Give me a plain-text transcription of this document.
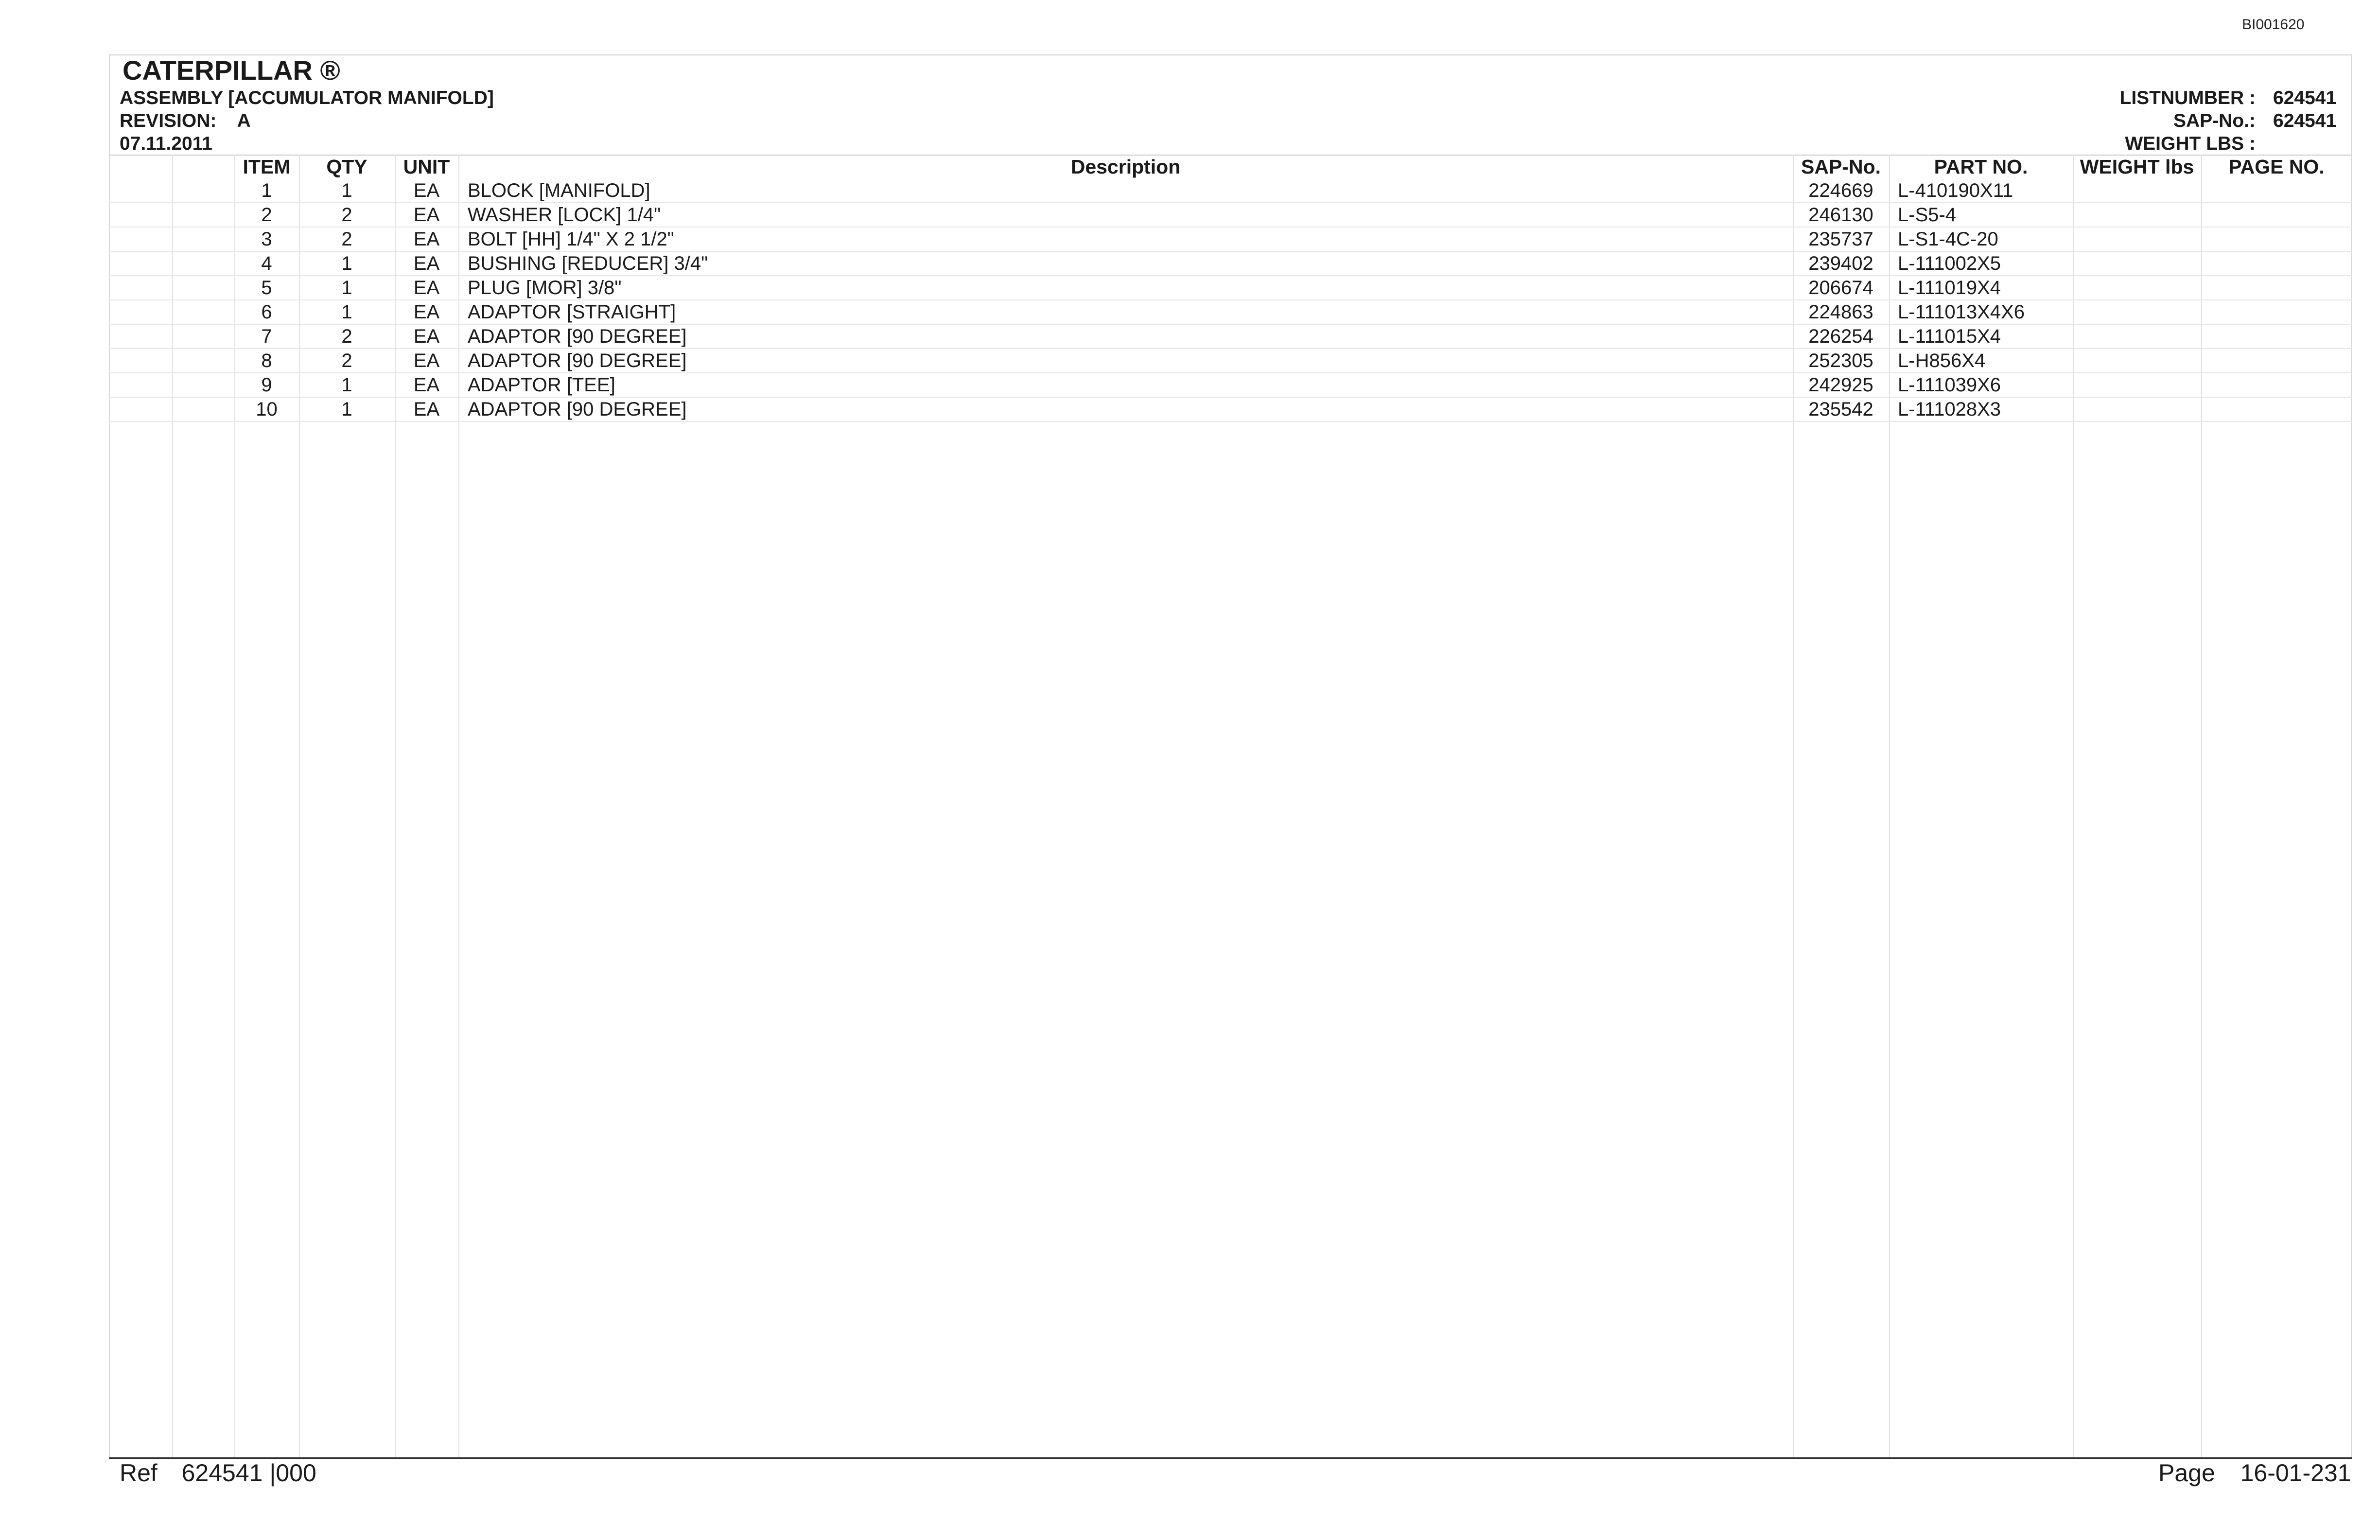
BI001620
CATERPILLAR ®
ASSEMBLY [ACCUMULATOR MANIFOLD]
REVISION: A
07.11.2011
LISTNUMBER : 624541
SAP-No.: 624541
WEIGHT LBS :
ITEM	QTY	UNIT	Description	SAP-No.	PART NO.	WEIGHT lbs	PAGE NO.
1	1	EA	BLOCK [MANIFOLD]	224669	L-410190X11
2	2	EA	WASHER [LOCK] 1/4"	246130	L-S5-4
3	2	EA	BOLT [HH] 1/4" X 2 1/2"	235737	L-S1-4C-20
4	1	EA	BUSHING [REDUCER] 3/4"	239402	L-111002X5
5	1	EA	PLUG [MOR] 3/8"	206674	L-111019X4
6	1	EA	ADAPTOR [STRAIGHT]	224863	L-111013X4X6
7	2	EA	ADAPTOR [90 DEGREE]	226254	L-111015X4
8	2	EA	ADAPTOR [90 DEGREE]	252305	L-H856X4
9	1	EA	ADAPTOR [TEE]	242925	L-111039X6
10	1	EA	ADAPTOR [90 DEGREE]	235542	L-111028X3
Ref 624541 |000	Page 16-01-231
